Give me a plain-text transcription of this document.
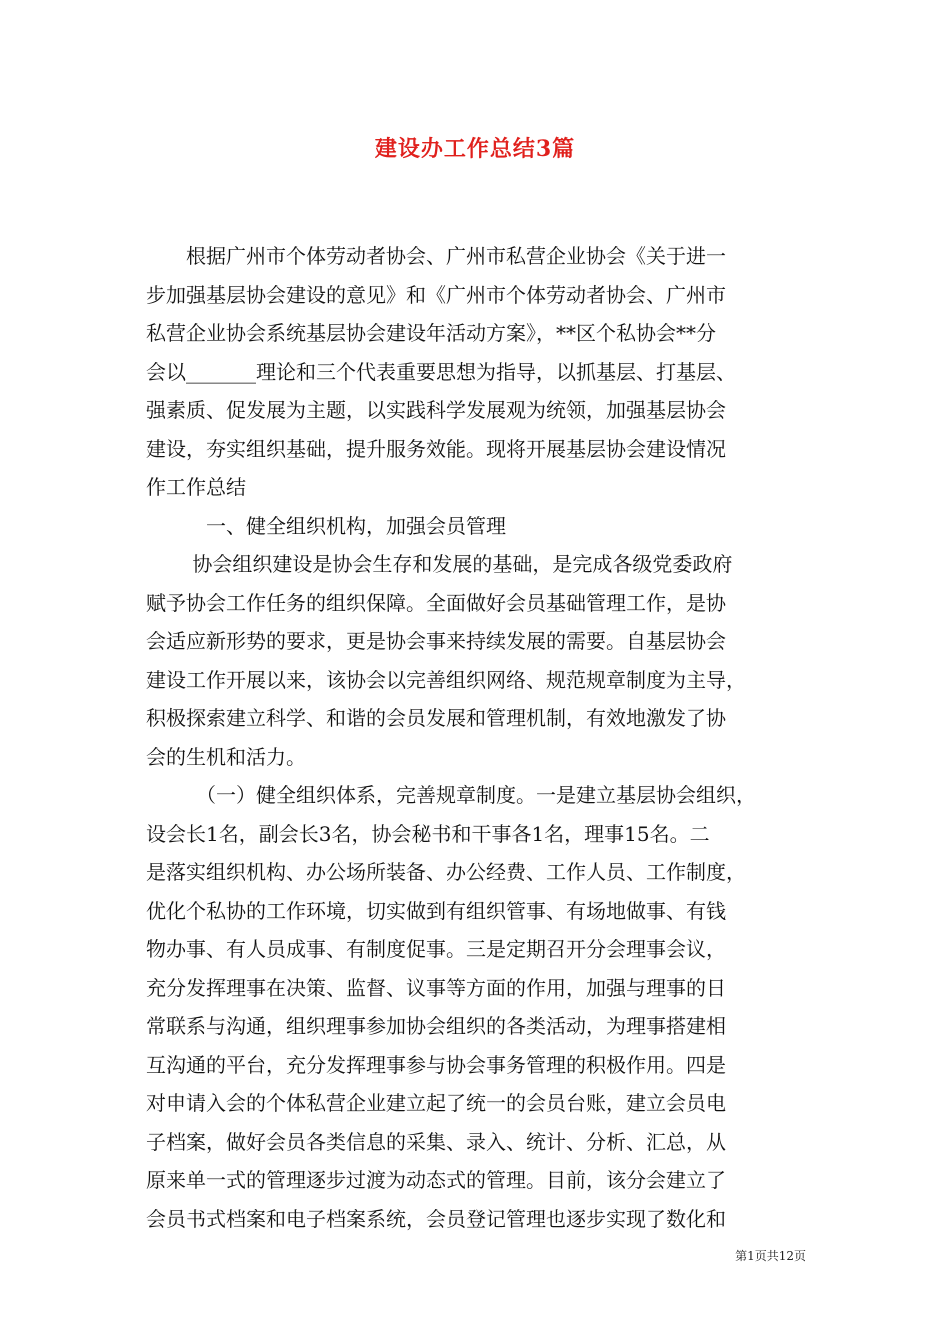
建设办工作总结3篇
　　根据广州市个体劳动者协会、广州市私营企业协会《关于进一
步加强基层协会建设的意见》和《广州市个体劳动者协会、广州市
私营企业协会系统基层协会建设年活动方案》，**区个私协会**分
会以_______理论和三个代表重要思想为指导，以抓基层、打基层、
强素质、促发展为主题，以实践科学发展观为统领，加强基层协会
建设，夯实组织基础，提升服务效能。现将开展基层协会建设情况
作工作总结
　　　一、健全组织机构，加强会员管理
　　 协会组织建设是协会生存和发展的基础，是完成各级党委政府
赋予协会工作任务的组织保障。全面做好会员基础管理工作，是协
会适应新形势的要求，更是协会事来持续发展的需要。自基层协会
建设工作开展以来，该协会以完善组织网络、规范规章制度为主导，
积极探索建立科学、和谐的会员发展和管理机制，有效地激发了协
会的生机和活力。
　　　（一）健全组织体系，完善规章制度。一是建立基层协会组织，
设会长1名，副会长3名，协会秘书和干事各1名，理事15名。二
是落实组织机构、办公场所装备、办公经费、工作人员、工作制度，
优化个私协的工作环境，切实做到有组织管事、有场地做事、有钱
物办事、有人员成事、有制度促事。三是定期召开分会理事会议，
充分发挥理事在决策、监督、议事等方面的作用，加强与理事的日
常联系与沟通，组织理事参加协会组织的各类活动，为理事搭建相
互沟通的平台，充分发挥理事参与协会事务管理的积极作用。四是
对申请入会的个体私营企业建立起了统一的会员台账，建立会员电
子档案，做好会员各类信息的采集、录入、统计、分析、汇总，从
原来单一式的管理逐步过渡为动态式的管理。目前，该分会建立了
会员书式档案和电子档案系统，会员登记管理也逐步实现了数化和
第1页共12页
